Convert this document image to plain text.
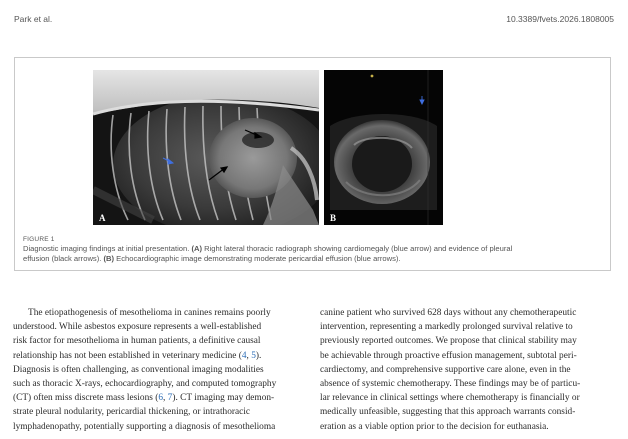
Park et al.	10.3389/fvets.2026.1808005
A	B
FIGURE 1
Diagnostic imaging findings at initial presentation. (A) Right lateral thoracic radiograph showing cardiomegaly (blue arrow) and evidence of pleural
effusion (black arrows). (B) Echocardiographic image demonstrating moderate pericardial effusion (blue arrows).
The etiopathogenesis of mesothelioma in canines remains poorly
understood. While asbestos exposure represents a well-established
risk factor for mesothelioma in human patients, a definitive causal
relationship has not been established in veterinary medicine (4, 5).
Diagnosis is often challenging, as conventional imaging modalities
such as thoracic X-rays, echocardiography, and computed tomography
(CT) often miss discrete mass lesions (6, 7). CT imaging may demon-
strate pleural nodularity, pericardial thickening, or intrathoracic
lymphadenopathy, potentially supporting a diagnosis of mesothelioma
canine patient who survived 628 days without any chemotherapeutic
intervention, representing a markedly prolonged survival relative to
previously reported outcomes. We propose that clinical stability may
be achievable through proactive effusion management, subtotal peri-
cardiectomy, and comprehensive supportive care alone, even in the
absence of systemic chemotherapy. These findings may be of particu-
lar relevance in clinical settings where chemotherapy is financially or
medically unfeasible, suggesting that this approach warrants consid-
eration as a viable option prior to the decision for euthanasia.
